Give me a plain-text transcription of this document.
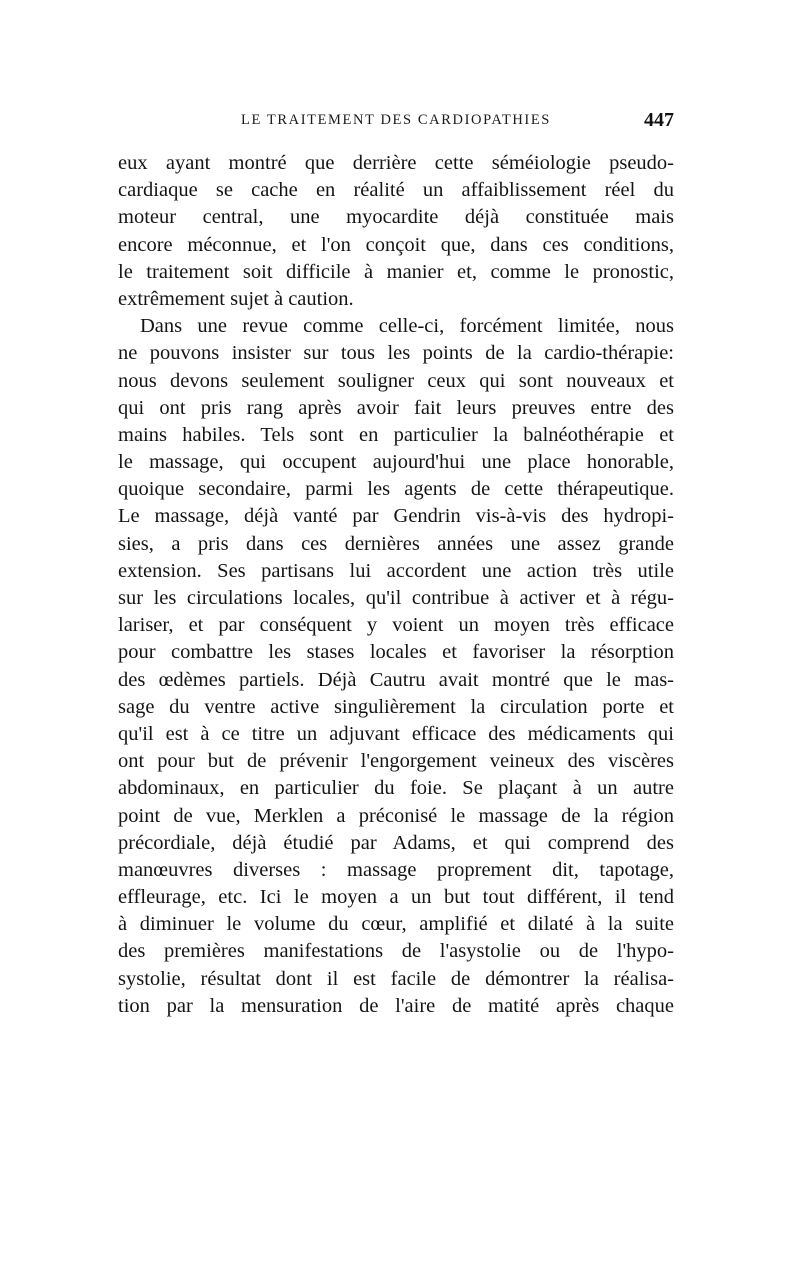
LE TRAITEMENT DES CARDIOPATHIES	447
eux ayant montré que derrière cette séméiologie pseudo-
cardiaque se cache en réalité un affaiblissement réel du
moteur central, une myocardite déjà constituée mais
encore méconnue, et l'on conçoit que, dans ces conditions,
le traitement soit difficile à manier et, comme le pronostic,
extrêmement sujet à caution.
Dans une revue comme celle-ci, forcément limitée, nous
ne pouvons insister sur tous les points de la cardio-thérapie:
nous devons seulement souligner ceux qui sont nouveaux et
qui ont pris rang après avoir fait leurs preuves entre des
mains habiles. Tels sont en particulier la balnéothérapie et
le massage, qui occupent aujourd'hui une place honorable,
quoique secondaire, parmi les agents de cette thérapeutique.
Le massage, déjà vanté par Gendrin vis-à-vis des hydropi-
sies, a pris dans ces dernières années une assez grande
extension. Ses partisans lui accordent une action très utile
sur les circulations locales, qu'il contribue à activer et à régu-
lariser, et par conséquent y voient un moyen très efficace
pour combattre les stases locales et favoriser la résorption
des œdèmes partiels. Déjà Cautru avait montré que le mas-
sage du ventre active singulièrement la circulation porte et
qu'il est à ce titre un adjuvant efficace des médicaments qui
ont pour but de prévenir l'engorgement veineux des viscères
abdominaux, en particulier du foie. Se plaçant à un autre
point de vue, Merklen a préconisé le massage de la région
précordiale, déjà étudié par Adams, et qui comprend des
manœuvres diverses : massage proprement dit, tapotage,
effleurage, etc. Ici le moyen a un but tout différent, il tend
à diminuer le volume du cœur, amplifié et dilaté à la suite
des premières manifestations de l'asystolie ou de l'hypo-
systolie, résultat dont il est facile de démontrer la réalisa-
tion par la mensuration de l'aire de matité après chaque
